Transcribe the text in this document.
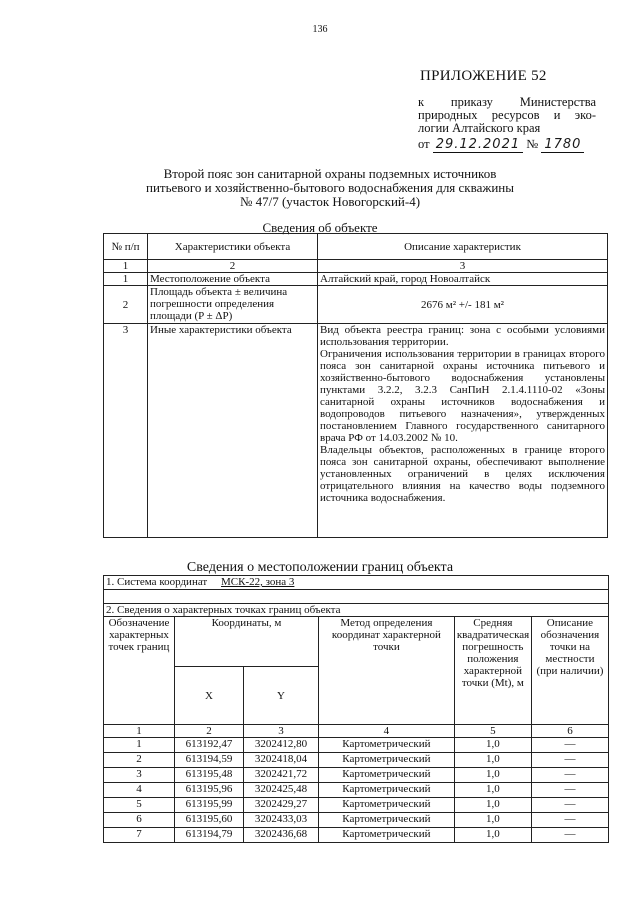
136
ПРИЛОЖЕНИЕ 52
к приказу Министерства
природных ресурсов и эко-
логии Алтайского края
от 29.12.2021 № 1780
Второй пояс зон санитарной охраны подземных источников питьевого и хозяйственно-бытового водоснабжения для скважины № 47/7 (участок Новогорский-4)
Сведения об объекте
№ п/п	Характеристики объекта	Описание характеристик
1	2	3
1	Местоположение объекта	Алтайский край, город Новоалтайск
2	Площадь объекта ± величина погрешности определения площади (P ± ΔP)	2676 м² +/- 181 м²
3	Иные характеристики объекта	Вид объекта реестра границ: зона с особыми условиями использования территории.

Ограничения использования территории в границах второго пояса зон санитарной охраны источника питьевого и хозяйственно-бытового водоснабжения установлены пунктами 3.2.2, 3.2.3 СанПиН 2.1.4.1110-02 «Зоны санитарной охраны источников водоснабжения и водопроводов питьевого назначения», утвержденных постановлением Главного государственного санитарного врача РФ от 14.03.2002 № 10.

Владельцы объектов, расположенных в границе второго пояса зон санитарной охраны, обеспечивают выполнение установленных ограничений в целях исключения отрицательного влияния на качество воды подземного источника водоснабжения.

Сведения о местоположении границ объекта
1. Система координат МСК-22, зона 3					

2. Сведения о характерных точках границ объекта					
Обозначение характерных точек границ	Координаты, м		Метод определения координат характерной точки	Средняя квадратическая погрешность положения характерной точки (Mt), м	Описание обозначения точки на местности (при наличии)
	X	Y			
1	2	3	4	5	6
1	613192,47	3202412,80	Картометрический	1,0	—
2	613194,59	3202418,04	Картометрический	1,0	—
3	613195,48	3202421,72	Картометрический	1,0	—
4	613195,96	3202425,48	Картометрический	1,0	—
5	613195,99	3202429,27	Картометрический	1,0	—
6	613195,60	3202433,03	Картометрический	1,0	—
7	613194,79	3202436,68	Картометрический	1,0	—
